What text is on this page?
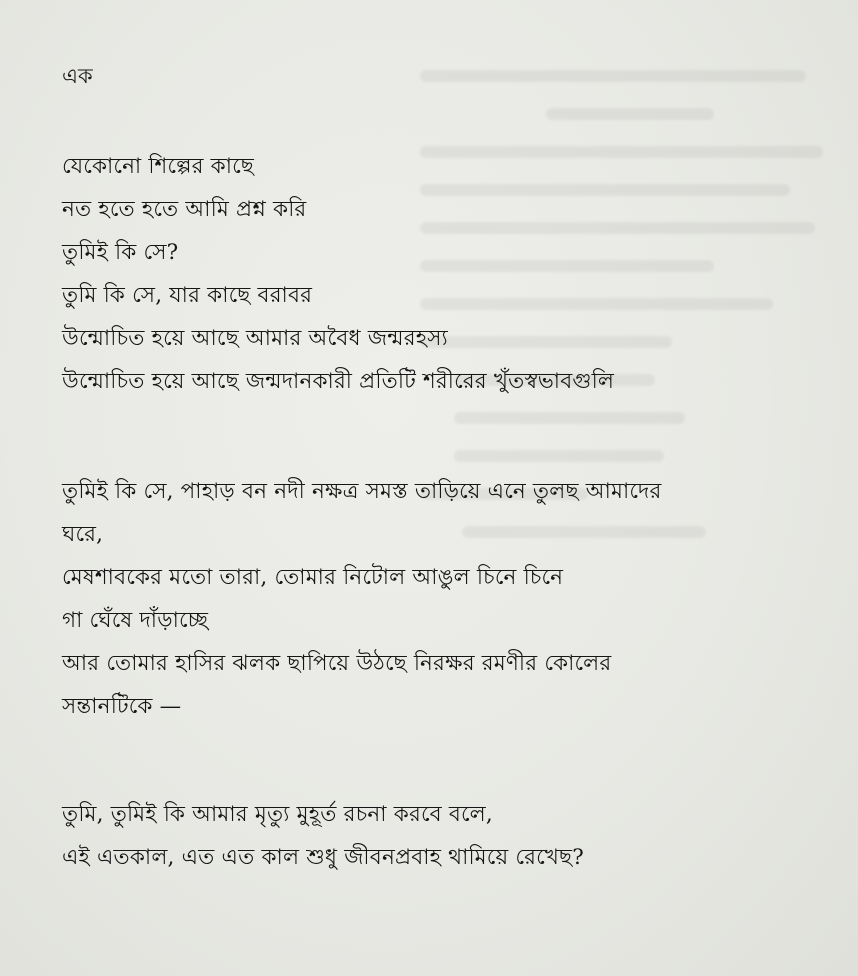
এক
যেকোনো শিল্পের কাছে
নত হতে হতে আমি প্রশ্ন করি
তুমিই কি সে?
তুমি কি সে, যার কাছে বরাবর
উন্মোচিত হয়ে আছে আমার অবৈধ জন্মরহস্য
উন্মোচিত হয়ে আছে জন্মদানকারী প্রতিটি শরীরের খুঁতস্বভাবগুলি
তুমিই কি সে, পাহাড় বন নদী নক্ষত্র সমস্ত তাড়িয়ে এনে তুলছ আমাদের
ঘরে,
মেষশাবকের মতো তারা, তোমার নিটোল আঙুল চিনে চিনে
গা ঘেঁষে দাঁড়াচ্ছে
আর তোমার হাসির ঝলক ছাপিয়ে উঠছে নিরক্ষর রমণীর কোলের
সন্তানটিকে —
তুমি, তুমিই কি আমার মৃত্যু মুহূর্ত রচনা করবে বলে,
এই এতকাল, এত এত কাল শুধু জীবনপ্রবাহ থামিয়ে রেখেছ?
